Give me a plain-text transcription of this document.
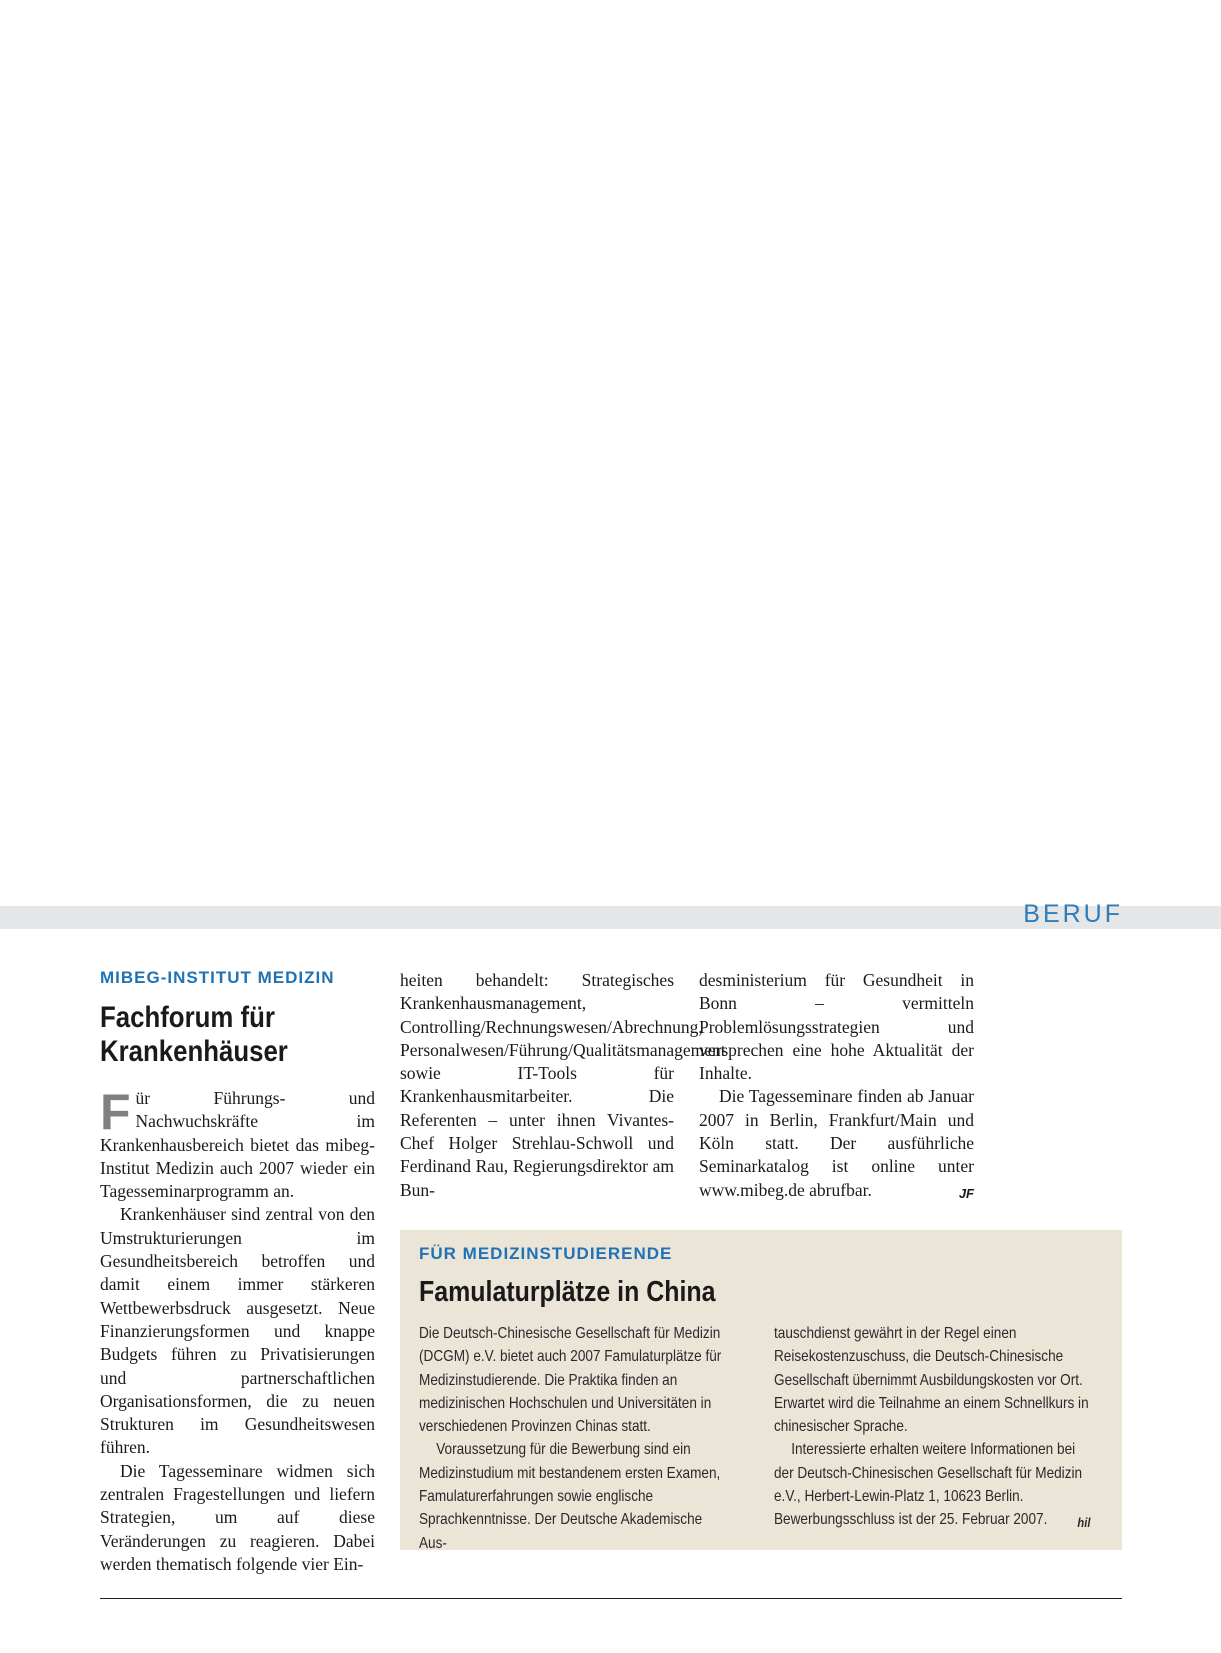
BERUF
MIBEG-INSTITUT MEDIZIN
Fachforum für
Krankenhäuser

Für Führungs- und Nachwuchskräfte im Krankenhausbereich bietet das mibeg-Institut Medizin auch 2007 wieder ein Tagesseminarprogramm an.

Krankenhäuser sind zentral von den Umstrukturierungen im Gesundheitsbereich betroffen und damit einem immer stärkeren Wettbewerbsdruck ausgesetzt. Neue Finanzierungsformen und knappe Budgets führen zu Privatisierungen und partnerschaftlichen Organisationsformen, die zu neuen Strukturen im Gesundheitswesen führen.

Die Tagesseminare widmen sich zentralen Fragestellungen und liefern Strategien, um auf diese Veränderungen zu reagieren. Dabei werden thematisch folgende vier Ein-

heiten behandelt: Strategisches Krankenhausmanagement, Controlling/Rechnungswesen/Abrechnung, Personalwesen/Führung/Qualitätsmanagement sowie IT-Tools für Krankenhausmitarbeiter. Die Referenten – unter ihnen Vivantes-Chef Holger Strehlau-Schwoll und Ferdinand Rau, Regierungsdirektor am Bun-

desministerium für Gesundheit in Bonn – vermitteln Problemlösungsstrategien und versprechen eine hohe Aktualität der Inhalte.

Die Tagesseminare finden ab Januar 2007 in Berlin, Frankfurt/Main und Köln statt. Der ausführliche Seminarkatalog ist online unter www.mibeg.de abrufbar.	JF

FÜR MEDIZINSTUDIERENDE
Famulaturplätze in China

Die Deutsch-Chinesische Gesellschaft für Medizin (DCGM) e.V. bietet auch 2007 Famulaturplätze für Medizinstudierende. Die Praktika finden an medizinischen Hochschulen und Universitäten in verschiedenen Provinzen Chinas statt.

Voraussetzung für die Bewerbung sind ein Medizinstudium mit bestandenem ersten Examen, Famulaturerfahrungen sowie englische Sprachkenntnisse. Der Deutsche Akademische Aus-

tauschdienst gewährt in der Regel einen Reisekostenzuschuss, die Deutsch-Chinesische Gesellschaft übernimmt Ausbildungskosten vor Ort. Erwartet wird die Teilnahme an einem Schnellkurs in chinesischer Sprache.

Interessierte erhalten weitere Informationen bei der Deutsch-Chinesischen Gesellschaft für Medizin e.V., Herbert-Lewin-Platz 1, 10623 Berlin. Bewerbungsschluss ist der 25. Februar 2007.	hil
